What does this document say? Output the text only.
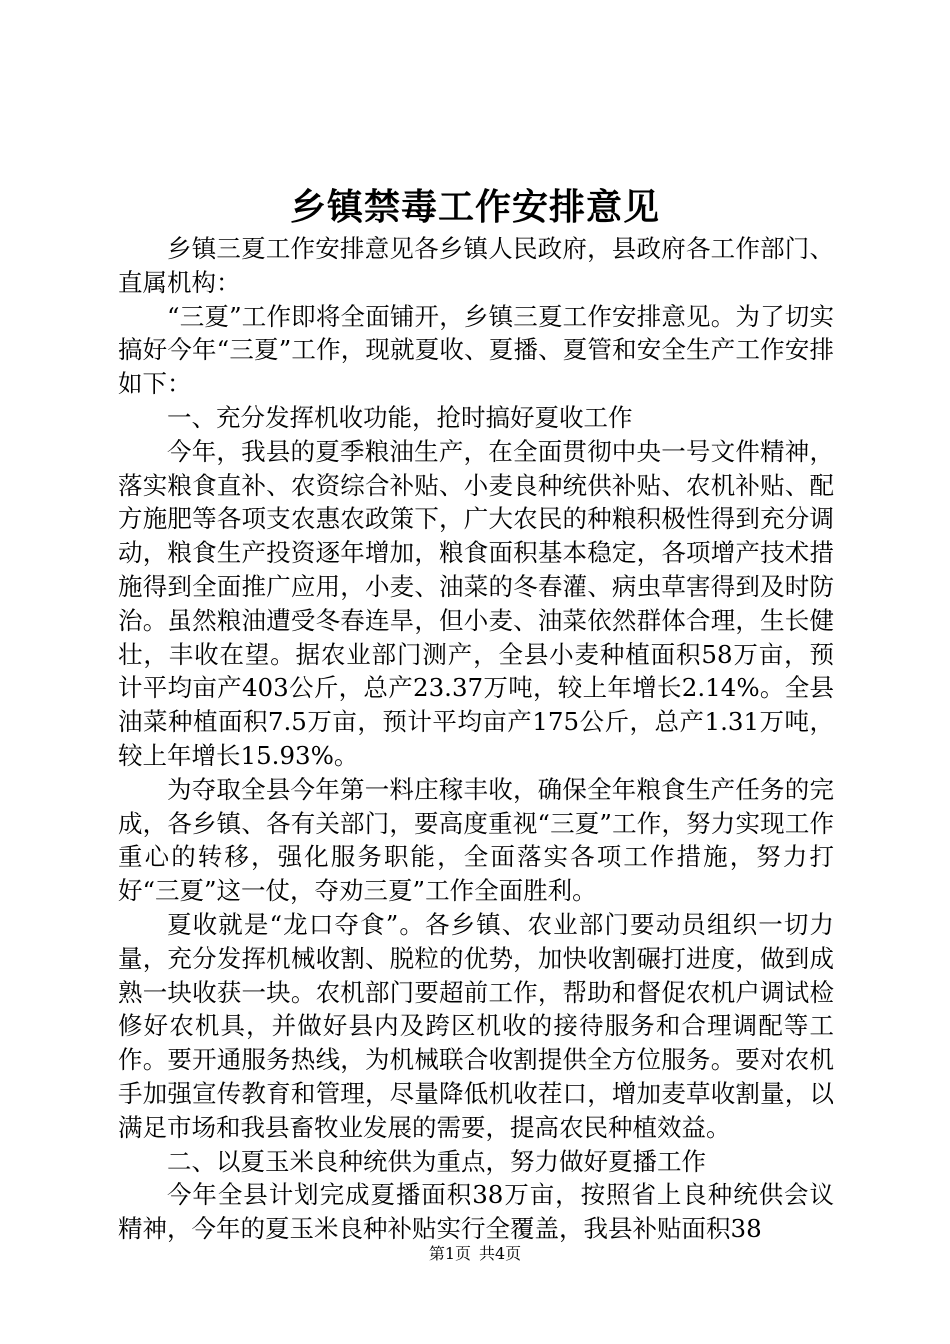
乡镇禁毒工作安排意见

乡镇三夏工作安排意见各乡镇人民政府，县政府各工作部门、直属机构：

“三夏”工作即将全面铺开，乡镇三夏工作安排意见。为了切实搞好今年“三夏”工作，现就夏收、夏播、夏管和安全生产工作安排如下：

一、充分发挥机收功能，抢时搞好夏收工作

今年，我县的夏季粮油生产，在全面贯彻中央一号文件精神，落实粮食直补、农资综合补贴、小麦良种统供补贴、农机补贴、配方施肥等各项支农惠农政策下，广大农民的种粮积极性得到充分调动，粮食生产投资逐年增加，粮食面积基本稳定，各项增产技术措施得到全面推广应用，小麦、油菜的冬春灌、病虫草害得到及时防治。虽然粮油遭受冬春连旱，但小麦、油菜依然群体合理，生长健壮，丰收在望。据农业部门测产，全县小麦种植面积58万亩，预计平均亩产403公斤，总产23.37万吨，较上年增长2.14%。全县油菜种植面积7.5万亩，预计平均亩产175公斤，总产1.31万吨，较上年增长15.93%。

为夺取全县今年第一料庄稼丰收，确保全年粮食生产任务的完成，各乡镇、各有关部门，要高度重视“三夏”工作，努力实现工作重心的转移，强化服务职能，全面落实各项工作措施，努力打好“三夏”这一仗，夺劝三夏”工作全面胜利。

夏收就是“龙口夺食”。各乡镇、农业部门要动员组织一切力量，充分发挥机械收割、脱粒的优势，加快收割碾打进度，做到成熟一块收获一块。农机部门要超前工作，帮助和督促农机户调试检修好农机具，并做好县内及跨区机收的接待服务和合理调配等工作。要开通服务热线，为机械联合收割提供全方位服务。要对农机手加强宣传教育和管理，尽量降低机收茬口，增加麦草收割量，以满足市场和我县畜牧业发展的需要，提高农民种植效益。

二、以夏玉米良种统供为重点，努力做好夏播工作

今年全县计划完成夏播面积38万亩，按照省上良种统供会议精神，今年的夏玉米良种补贴实行全覆盖，我县补贴面积38

第1页 共4页
